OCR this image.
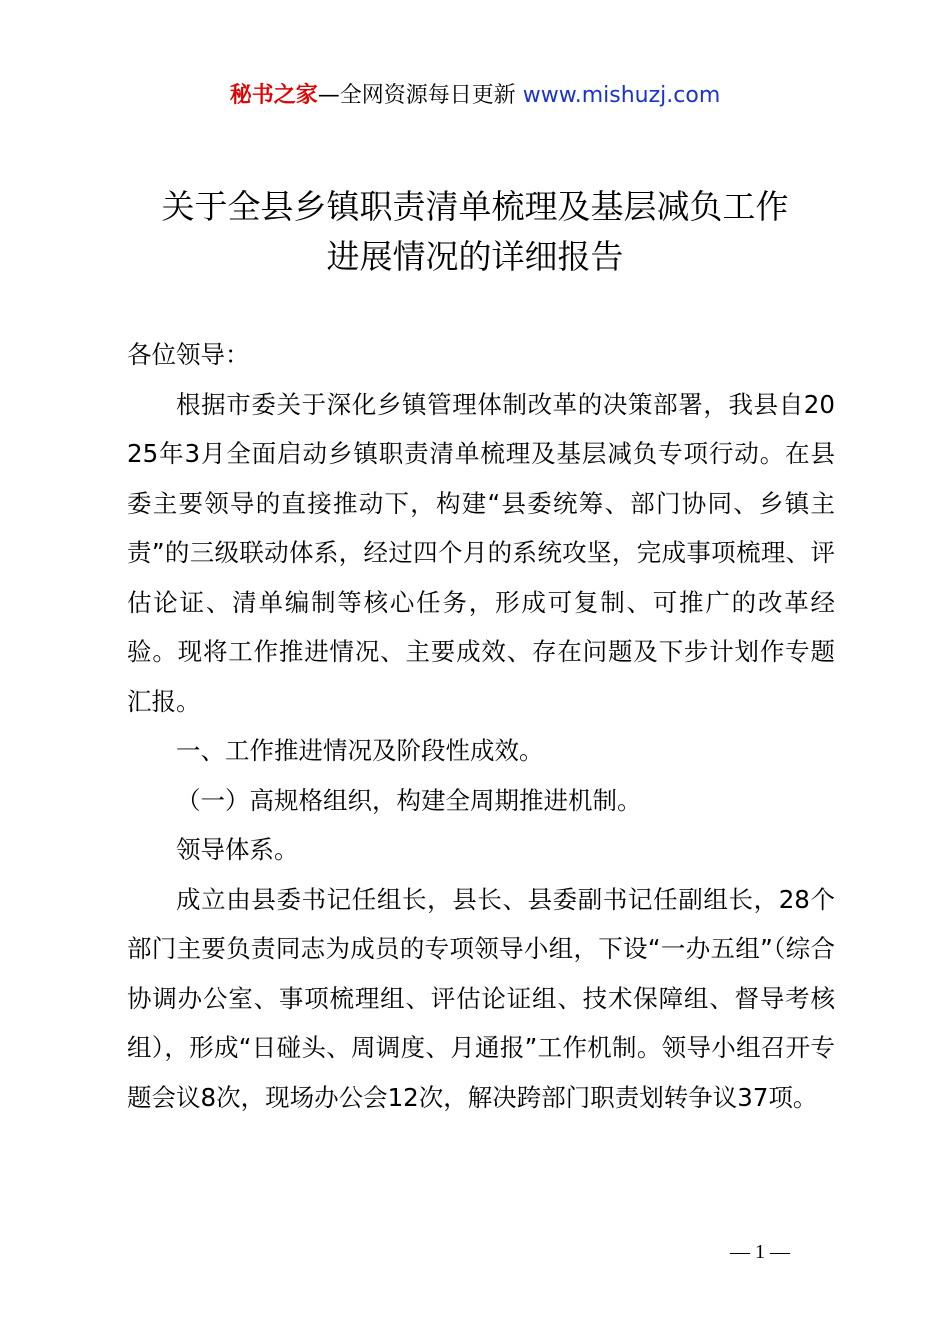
秘书之家—全网资源每日更新 www.mishuzj.com
关于全县乡镇职责清单梳理及基层减负工作
进展情况的详细报告

各位领导：

根据市委关于深化乡镇管理体制改革的决策部署，我县自2025年3月全面启动乡镇职责清单梳理及基层减负专项行动。在县委主要领导的直接推动下，构建“县委统筹、部门协同、乡镇主责”的三级联动体系，经过四个月的系统攻坚，完成事项梳理、评估论证、清单编制等核心任务，形成可复制、可推广的改革经验。现将工作推进情况、主要成效、存在问题及下步计划作专题汇报。

一、工作推进情况及阶段性成效。

（一）高规格组织，构建全周期推进机制。

领导体系。

成立由县委书记任组长，县长、县委副书记任副组长，28个部门主要负责同志为成员的专项领导小组，下设“一办五组”（综合协调办公室、事项梳理组、评估论证组、技术保障组、督导考核组），形成“日碰头、周调度、月通报”工作机制。领导小组召开专题会议8次，现场办公会12次，解决跨部门职责划转争议37项。

— 1 —
